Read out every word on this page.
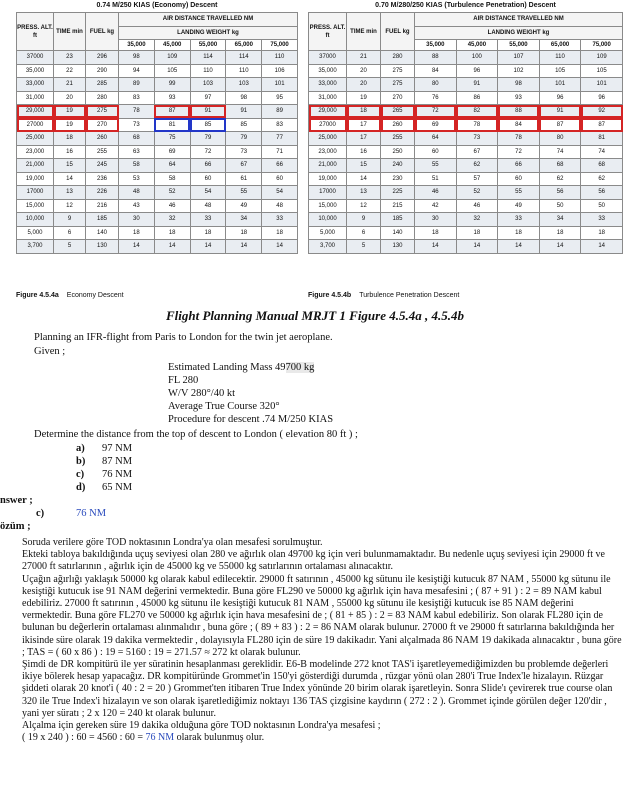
0.74 M/250 KIAS (Economy) Descent
PRESS. ALT. ft	TIME min	FUEL kg	AIR DISTANCE TRAVELLED NM				
			LANDING WEIGHT kg				
			35,000	45,000	55,000	65,000	75,000
37000	23	296	98	109	114	114	110
35,000	22	290	94	105	110	110	106
33,000	21	285	89	99	103	103	101
31,000	20	280	83	93	97	98	95
29,000	19	275	78	87	91	91	89
27000	19	270	73	81	85	85	83
25,000	18	260	68	75	79	79	77
23,000	16	255	63	69	72	73	71
21,000	15	245	58	64	66	67	66
19,000	14	236	53	58	60	61	60
17000	13	226	48	52	54	55	54
15,000	12	216	43	46	48	49	48
10,000	9	185	30	32	33	34	33
5,000	6	140	18	18	18	18	18
3,700	5	130	14	14	14	14	14
0.70 M/280/250 KIAS (Turbulence Penetration) Descent
PRESS. ALT. ft	TIME min	FUEL kg	AIR DISTANCE TRAVELLED NM				
			LANDING WEIGHT kg				
			35,000	45,000	55,000	65,000	75,000
37000	21	280	88	100	107	110	109
35,000	20	275	84	96	102	105	105
33,000	20	275	80	91	98	101	101
31,000	19	270	76	86	93	96	96
29,000	18	265	72	82	88	91	92
27000	17	260	69	78	84	87	87
25,000	17	255	64	73	78	80	81
23,000	16	250	60	67	72	74	74
21,000	15	240	55	62	66	68	68
19,000	14	230	51	57	60	62	62
17000	13	225	46	52	55	56	56
15,000	12	215	42	46	49	50	50
10,000	9	185	30	32	33	34	33
5,000	6	140	18	18	18	18	18
3,700	5	130	14	14	14	14	14
Figure 4.5.4a Economy Descent	Figure 4.5.4b Turbulence Penetration Descent
Flight Planning Manual MRJT 1 Figure 4.5.4a , 4.5.4b
Planning an IFR-flight from Paris to London for the twin jet aeroplane.
Given ;
Estimated Landing Mass 49700 kg
FL 280
W/V 280°/40 kt
Average True Course 320°
Procedure for descent .74 M/250 KIAS
Determine the distance from the top of descent to London ( elevation 80 ft ) ;
a) 97 NM
b) 87 NM
c) 76 NM
d) 65 NM
nswer ;
c)	76 NM
özüm ;

Soruda verilere göre TOD noktasının Londra'ya olan mesafesi sorulmuştur.

Ekteki tabloya bakıldığında uçuş seviyesi olan 280 ve ağırlık olan 49700 kg için veri bulunmamaktadır. Bu nedenle uçuş seviyesi için 29000 ft ve 27000 ft satırlarının , ağırlık için de 45000 kg ve 55000 kg satırlarının ortalaması alınacaktır.

Uçağın ağırlığı yaklaşık 50000 kg olarak kabul edilecektir. 29000 ft satırının , 45000 kg sütunu ile kesiştiği kutucuk 87 NAM , 55000 kg sütunu ile kesiştiği kutucuk ise 91 NAM değerini vermektedir. Buna göre FL290 ve 50000 kg ağırlık için hava mesafesini ; ( 87 + 91 ) : 2 = 89 NAM kabul edebiliriz. 27000 ft satırının , 45000 kg sütunu ile kesiştiği kutucuk 81 NAM , 55000 kg sütunu ile kesiştiği kutucuk ise 85 NAM değerini vermektedir. Buna göre FL270 ve 50000 kg ağırlık için hava mesafesini de ; ( 81 + 85 ) : 2 = 83 NAM kabul edebiliriz. Son olarak FL280 için de bulunan bu değerlerin ortalaması alınmalıdır , buna göre ; ( 89 + 83 ) : 2 = 86 NAM olarak bulunur. 27000 ft ve 29000 ft satırlarına bakıldığında her ikisinde süre olarak 19 dakika vermektedir , dolayısıyla FL280 için de süre 19 dakikadır. Yani alçalmada 86 NAM 19 dakikada alınacaktır , buna göre ; TAS = ( 60 x 86 ) : 19 = 5160 : 19 = 271.57 ≈ 272 kt olarak bulunur.

Şimdi de DR kompitürü ile yer süratinin hesaplanması gereklidir. E6-B modelinde 272 knot TAS'i işaretleyemediğimizden bu problemde değerleri ikiye bölerek hesap yapacağız. DR kompitüründe Grommet'in 150'yi gösterdiği durumda , rüzgar yönü olan 280'i True Index'le hizalayın. Rüzgar şiddeti olarak 20 knot'i ( 40 : 2 = 20 ) Grommet'ten itibaren True Index yönünde 20 birim olarak işaretleyin. Sonra Slide'ı çevirerek true course olan 320 ile True Index'i hizalayın ve son olarak işaretlediğimiz noktayı 136 TAS çizgisine kaydırın ( 272 : 2 ). Grommet içinde görülen değer 120'dir , yani yer süratı ; 2 x 120 = 240 kt olarak bulunur.

Alçalma için gereken süre 19 dakika olduğuna göre TOD noktasının Londra'ya mesafesi ;

( 19 x 240 ) : 60 = 4560 : 60 = 76 NM olarak bulunmuş olur.
